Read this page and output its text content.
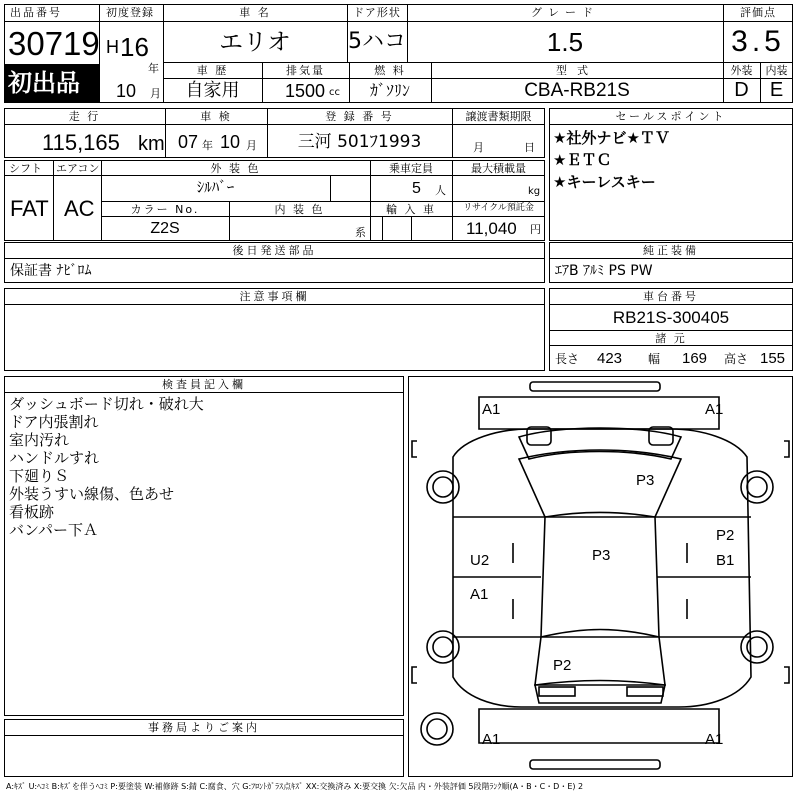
出品番号
30719
初出品
初度登録
H 16
年
10 月
車 名
エリオ
ドア形状
5ハコ
グレード
1.5
評価点
3.5
車 歴
自家用
排気量
1500 cc
燃 料
ｶﾞｿﾘﾝ
型式
CBA-RB21S
外装
D
内装
E
走 行
115,165 km
車 検
07 年 10 月
登 録 番 号
三河 501ﾌ1993
譲渡書類期限
月	日
シフト
FAT
エアコン
AC
外 装 色
ｼﾙﾊﾞｰ
乗車定員
5 人
最大積載量
kg
カラー No.
Z2S
内 装 色
系
輸 入 車	リサイクル預託金
11,040 円
セールスポイント
★社外ナビ★ＴＶ
★ＥＴＣ
★キーレスキー
後日発送部品
保証書 ﾅﾋﾞﾛﾑ
純正装備
ｴｱB ｱﾙﾐ PS PW
注意事項欄	車台番号
RB21S-300405
諸 元
長さ 423 幅 169 高さ 155
検査員記入欄
ダッシュボード切れ・破れ大
ドア内張割れ
室内汚れ
ハンドルすれ
下廻りＳ
外装うすい線傷、色あせ
看板跡
バンパー下Ａ
事務局よりご案内
A1	A1
P3
P2
B1
U2	P3
A1
P2
A1	A1
A:ｷｽﾞ U:ﾍｺﾐ B:ｷｽﾞを伴うﾍｺﾐ P:要塗装 W:補修跡 S:錆 C:腐食、穴 G:ﾌﾛﾝﾄｶﾞﾗｽ点ｷｽﾞ XX:交換済み X:要交換 欠:欠品 内・外装評価 5段階ﾗﾝｸ順(A・B・C・D・E) 2
